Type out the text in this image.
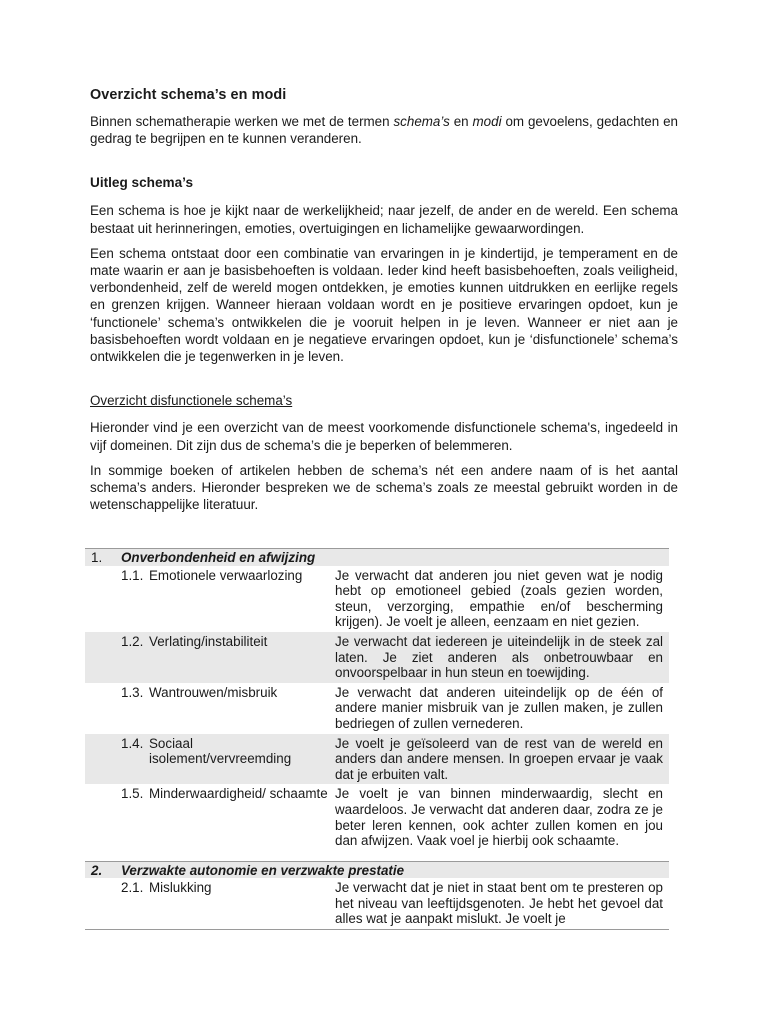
Overzicht schema’s en modi

Binnen schematherapie werken we met de termen schema’s en modi om gevoelens, gedachten en gedrag te begrijpen en te kunnen veranderen.

Uitleg schema’s

Een schema is hoe je kijkt naar de werkelijkheid; naar jezelf, de ander en de wereld. Een schema bestaat uit herinneringen, emoties, overtuigingen en lichamelijke gewaarwordingen.

Een schema ontstaat door een combinatie van ervaringen in je kindertijd, je temperament en de mate waarin er aan je basisbehoeften is voldaan. Ieder kind heeft basisbehoeften, zoals veiligheid, verbondenheid, zelf de wereld mogen ontdekken, je emoties kunnen uitdrukken en eerlijke regels en grenzen krijgen. Wanneer hieraan voldaan wordt en je positieve ervaringen opdoet, kun je ‘functionele’ schema’s ontwikkelen die je vooruit helpen in je leven. Wanneer er niet aan je basisbehoeften wordt voldaan en je negatieve ervaringen opdoet, kun je ‘disfunctionele’ schema’s ontwikkelen die je tegenwerken in je leven.

Overzicht disfunctionele schema’s

Hieronder vind je een overzicht van de meest voorkomende disfunctionele schema's, ingedeeld in vijf domeinen. Dit zijn dus de schema’s die je beperken of belemmeren.

In sommige boeken of artikelen hebben de schema’s nét een andere naam of is het aantal schema’s anders. Hieronder bespreken we de schema’s zoals ze meestal gebruikt worden in de wetenschappelijke literatuur.

1.	Onverbondenheid en afwijzing	

1.1. Emotionele verwaarlozing		Je verwacht dat anderen jou niet geven wat je nodig hebt op emotioneel gebied (zoals gezien worden, steun, verzorging, empathie en/of bescherming krijgen). Je voelt je alleen, eenzaam en niet gezien.

1.2. Verlating/instabiliteit		Je verwacht dat iedereen je uiteindelijk in de steek zal laten. Je ziet anderen als onbetrouwbaar en onvoorspelbaar in hun steun en toewijding.

1.3. Wantrouwen/misbruik		Je verwacht dat anderen uiteindelijk op de één of andere manier misbruik van je zullen maken, je zullen bedriegen of zullen vernederen.

1.4. Sociaal isolement/vervreemding		Je voelt je geïsoleerd van de rest van de wereld en anders dan andere mensen. In groepen ervaar je vaak dat je erbuiten valt.

1.5. Minderwaardigheid/ schaamte		Je voelt je van binnen minderwaardig, slecht en waardeloos. Je verwacht dat anderen daar, zodra ze je beter leren kennen, ook achter zullen komen en jou dan afwijzen. Vaak voel je hierbij ook schaamte.

2.	Verzwakte autonomie en verzwakte prestatie	

2.1. Mislukking		Je verwacht dat je niet in staat bent om te presteren op het niveau van leeftijdsgenoten. Je hebt het gevoel dat alles wat je aanpakt mislukt. Je voelt je
